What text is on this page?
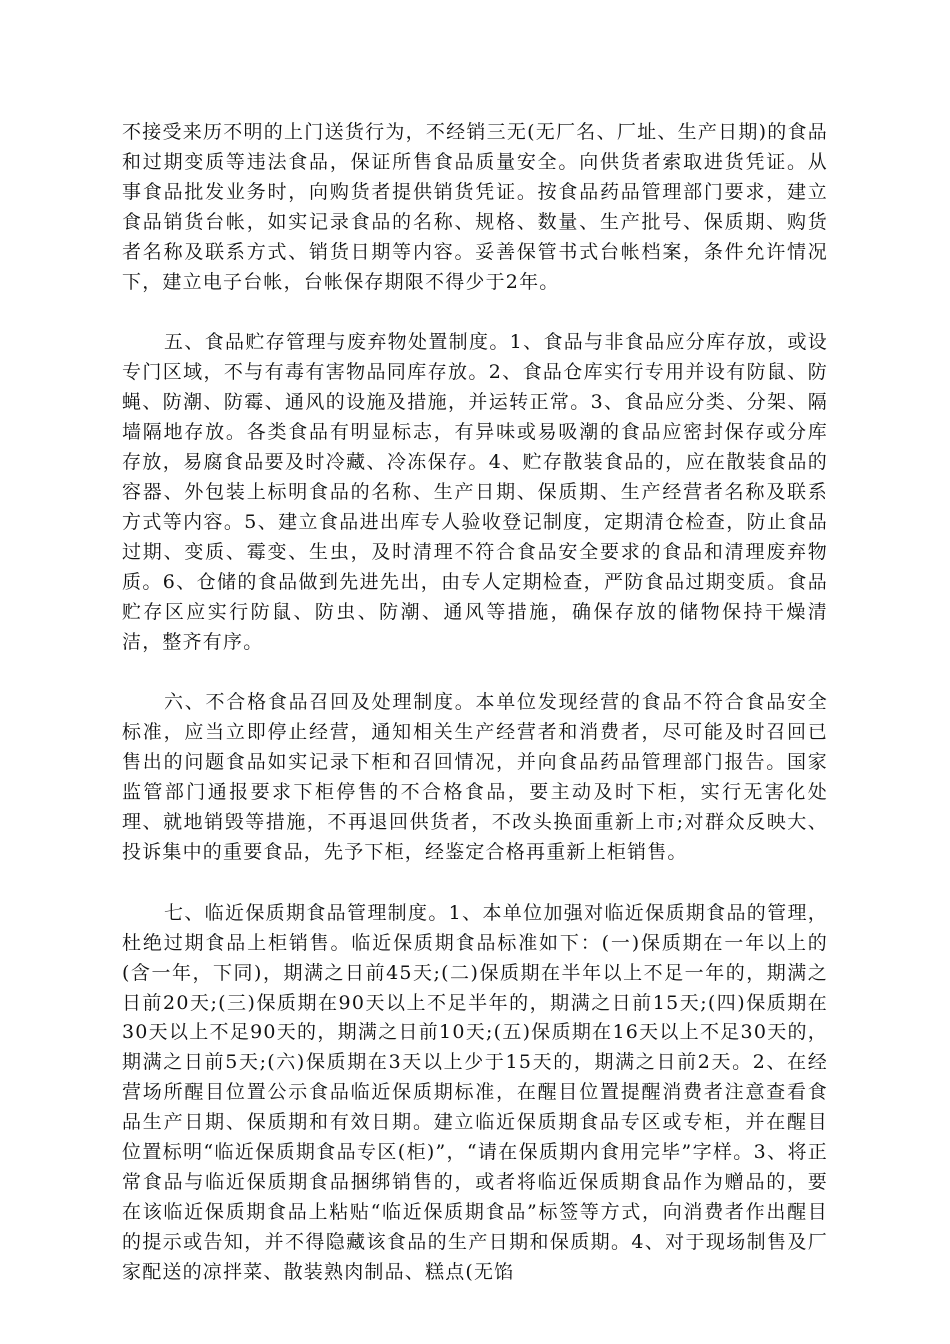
不接受来历不明的上门送货行为，不经销三无(无厂名、厂址、生产日期)的食品和过期变质等违法食品，保证所售食品质量安全。向供货者索取进货凭证。从事食品批发业务时，向购货者提供销货凭证。按食品药品管理部门要求，建立食品销货台帐，如实记录食品的名称、规格、数量、生产批号、保质期、购货者名称及联系方式、销货日期等内容。妥善保管书式台帐档案，条件允许情况下，建立电子台帐，台帐保存期限不得少于2年。

五、食品贮存管理与废弃物处置制度。1、食品与非食品应分库存放，或设专门区域，不与有毒有害物品同库存放。2、食品仓库实行专用并设有防鼠、防蝇、防潮、防霉、通风的设施及措施，并运转正常。3、食品应分类、分架、隔墙隔地存放。各类食品有明显标志，有异味或易吸潮的食品应密封保存或分库存放，易腐食品要及时冷藏、冷冻保存。4、贮存散装食品的，应在散装食品的容器、外包装上标明食品的名称、生产日期、保质期、生产经营者名称及联系方式等内容。5、建立食品进出库专人验收登记制度，定期清仓检查，防止食品过期、变质、霉变、生虫，及时清理不符合食品安全要求的食品和清理废弃物质。6、仓储的食品做到先进先出，由专人定期检查，严防食品过期变质。食品贮存区应实行防鼠、防虫、防潮、通风等措施，确保存放的储物保持干燥清洁，整齐有序。

六、不合格食品召回及处理制度。本单位发现经营的食品不符合食品安全标准，应当立即停止经营，通知相关生产经营者和消费者，尽可能及时召回已售出的问题食品如实记录下柜和召回情况，并向食品药品管理部门报告。国家监管部门通报要求下柜停售的不合格食品，要主动及时下柜，实行无害化处理、就地销毁等措施，不再退回供货者，不改头换面重新上市;对群众反映大、投诉集中的重要食品，先予下柜，经鉴定合格再重新上柜销售。

七、临近保质期食品管理制度。1、本单位加强对临近保质期食品的管理，杜绝过期食品上柜销售。临近保质期食品标准如下：(一)保质期在一年以上的(含一年，下同)，期满之日前45天;(二)保质期在半年以上不足一年的，期满之日前20天;(三)保质期在90天以上不足半年的，期满之日前15天;(四)保质期在30天以上不足90天的，期满之日前10天;(五)保质期在16天以上不足30天的，期满之日前5天;(六)保质期在3天以上少于15天的，期满之日前2天。2、在经营场所醒目位置公示食品临近保质期标准，在醒目位置提醒消费者注意查看食品生产日期、保质期和有效日期。建立临近保质期食品专区或专柜，并在醒目位置标明“临近保质期食品专区(柜)”，“请在保质期内食用完毕”字样。3、将正常食品与临近保质期食品捆绑销售的，或者将临近保质期食品作为赠品的，要在该临近保质期食品上粘贴“临近保质期食品”标签等方式，向消费者作出醒目的提示或告知，并不得隐藏该食品的生产日期和保质期。4、对于现场制售及厂家配送的凉拌菜、散装熟肉制品、糕点(无馅
